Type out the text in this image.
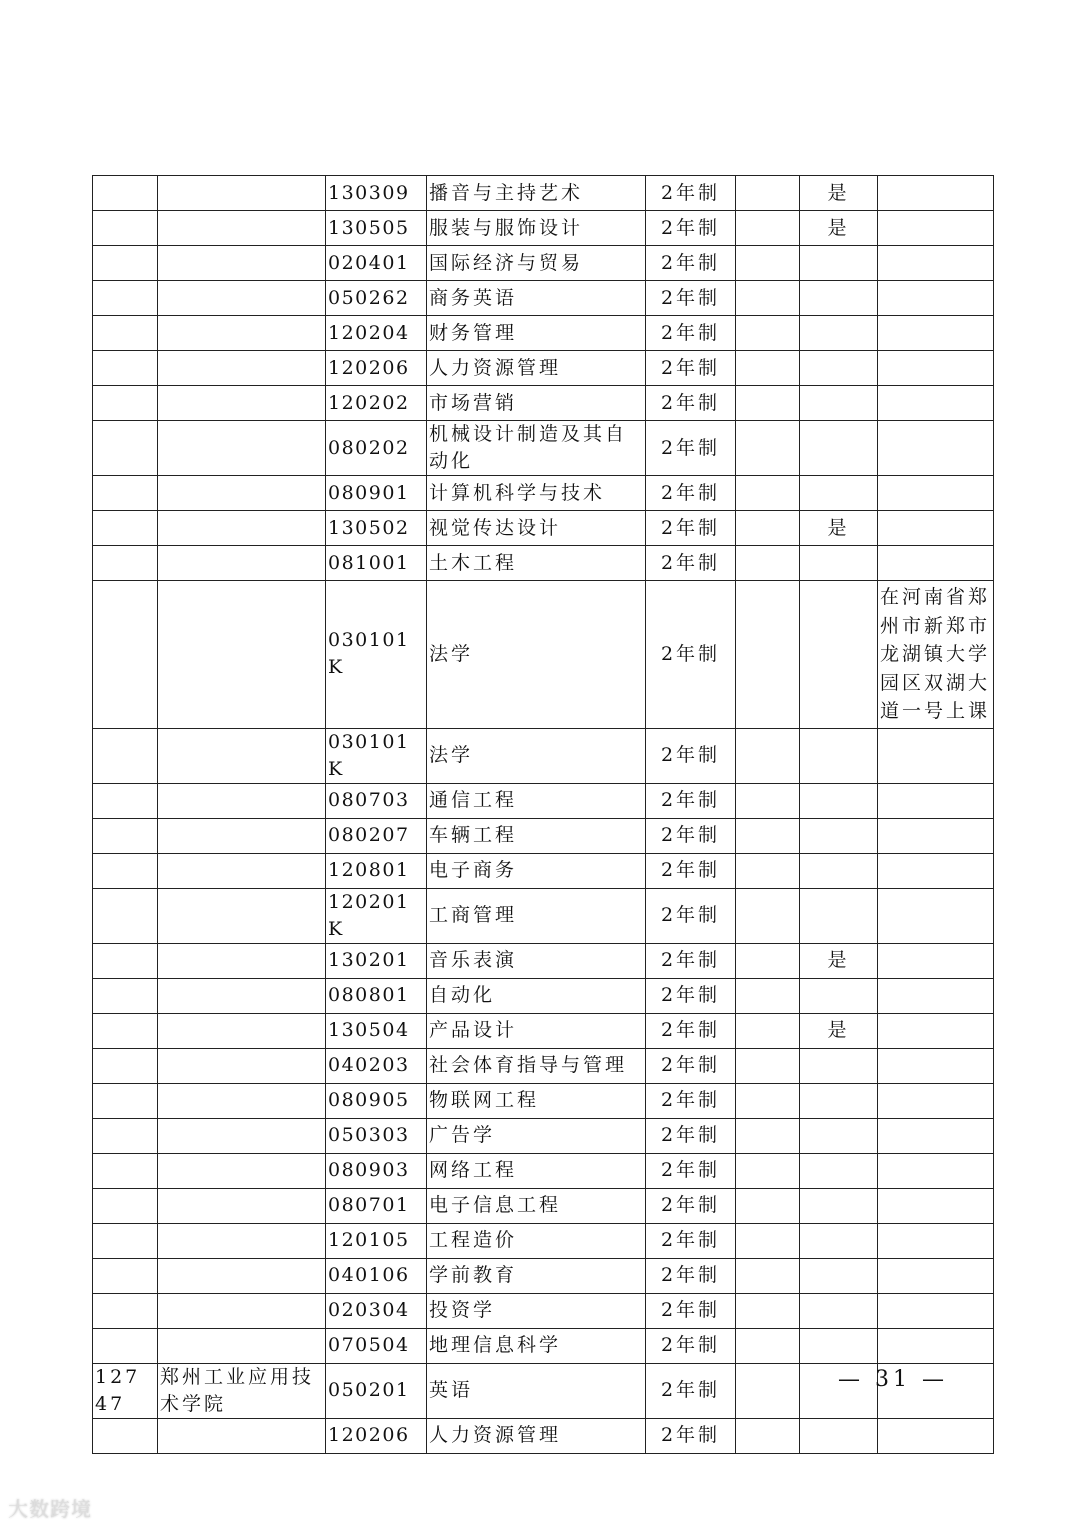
		130309	播音与主持艺术	2年制		是	
		130505	服装与服饰设计	2年制		是	
		020401	国际经济与贸易	2年制			
		050262	商务英语	2年制			
		120204	财务管理	2年制			
		120206	人力资源管理	2年制			
		120202	市场营销	2年制			
		080202	机械设计制造及其自动化	2年制			
		080901	计算机科学与技术	2年制			
		130502	视觉传达设计	2年制		是	
		081001	土木工程	2年制			
		030101K	法学	2年制			在河南省郑州市新郑市龙湖镇大学园区双湖大道一号上课
		030101K	法学	2年制			
		080703	通信工程	2年制			
		080207	车辆工程	2年制			
		120801	电子商务	2年制			
		120201K	工商管理	2年制			
		130201	音乐表演	2年制		是	
		080801	自动化	2年制			
		130504	产品设计	2年制		是	
		040203	社会体育指导与管理	2年制			
		080905	物联网工程	2年制			
		050303	广告学	2年制			
		080903	网络工程	2年制			
		080701	电子信息工程	2年制			
		120105	工程造价	2年制			
		040106	学前教育	2年制			
		020304	投资学	2年制			
		070504	地理信息科学	2年制			
12747	郑州工业应用技术学院	050201	英语	2年制			
		120206	人力资源管理	2年制			
— 31 —
大数跨境
